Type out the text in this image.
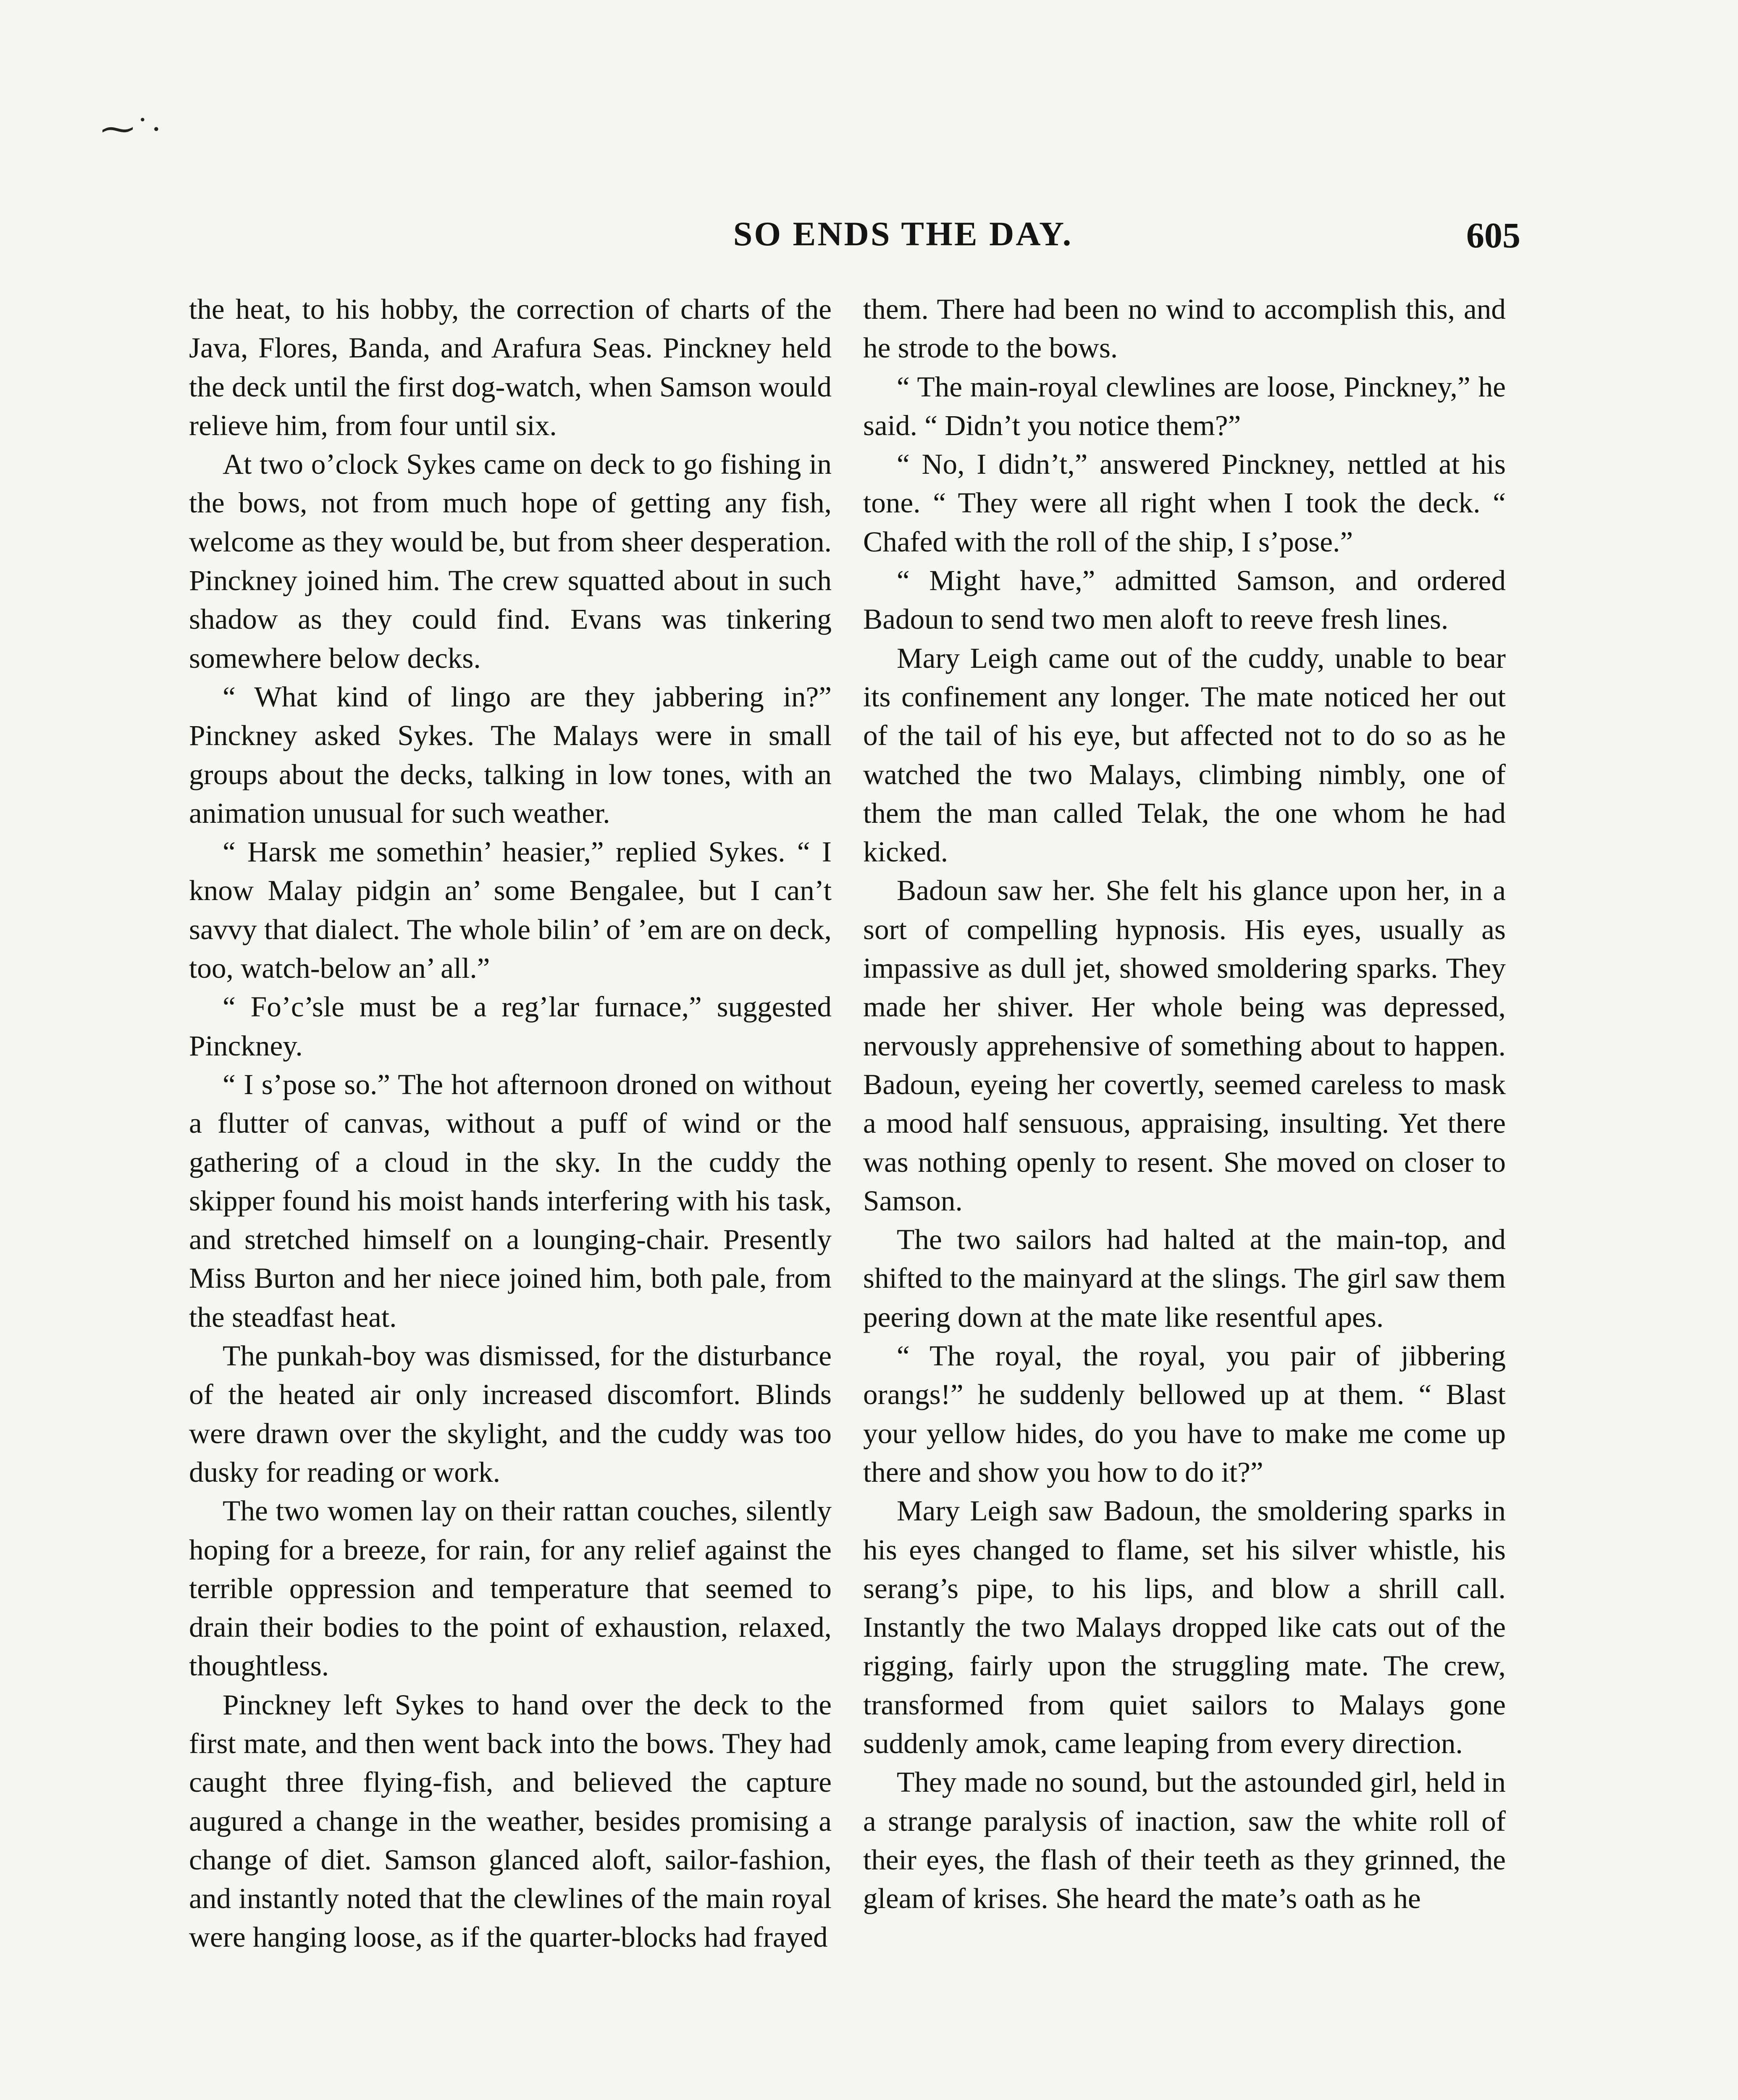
⁓˙·
SO ENDS THE DAY.	605

the heat, to his hobby, the correction of charts of the Java, Flores, Banda, and Arafura Seas. Pinckney held the deck until the first dog-watch, when Samson would relieve him, from four until six.

At two o’clock Sykes came on deck to go fishing in the bows, not from much hope of getting any fish, welcome as they would be, but from sheer desperation. Pinckney joined him. The crew squatted about in such shadow as they could find. Evans was tinkering somewhere below decks.

“ What kind of lingo are they jabbering in?” Pinckney asked Sykes. The Malays were in small groups about the decks, talking in low tones, with an animation unusual for such weather.

“ Harsk me somethin’ heasier,” replied Sykes. “ I know Malay pidgin an’ some Bengalee, but I can’t savvy that dialect. The whole bilin’ of ’em are on deck, too, watch-below an’ all.”

“ Fo’c’sle must be a reg’lar furnace,” suggested Pinckney.

“ I s’pose so.” The hot afternoon droned on without a flutter of canvas, without a puff of wind or the gathering of a cloud in the sky. In the cuddy the skipper found his moist hands interfering with his task, and stretched himself on a lounging-chair. Presently Miss Burton and her niece joined him, both pale, from the steadfast heat.

The punkah-boy was dismissed, for the disturbance of the heated air only increased discomfort. Blinds were drawn over the skylight, and the cuddy was too dusky for reading or work.

The two women lay on their rattan couches, silently hoping for a breeze, for rain, for any relief against the terrible oppression and temperature that seemed to drain their bodies to the point of exhaustion, relaxed, thoughtless.

Pinckney left Sykes to hand over the deck to the first mate, and then went back into the bows. They had caught three flying-fish, and believed the capture augured a change in the weather, besides promising a change of diet. Samson glanced aloft, sailor-fashion, and instantly noted that the clewlines of the main royal were hanging loose, as if the quarter-blocks had frayed

them. There had been no wind to accomplish this, and he strode to the bows.

“ The main-royal clewlines are loose, Pinckney,” he said. “ Didn’t you notice them?”

“ No, I didn’t,” answered Pinckney, nettled at his tone. “ They were all right when I took the deck. “ Chafed with the roll of the ship, I s’pose.”

“ Might have,” admitted Samson, and ordered Badoun to send two men aloft to reeve fresh lines.

Mary Leigh came out of the cuddy, unable to bear its confinement any longer. The mate noticed her out of the tail of his eye, but affected not to do so as he watched the two Malays, climbing nimbly, one of them the man called Telak, the one whom he had kicked.

Badoun saw her. She felt his glance upon her, in a sort of compelling hypnosis. His eyes, usually as impassive as dull jet, showed smoldering sparks. They made her shiver. Her whole being was depressed, nervously apprehensive of something about to happen. Badoun, eyeing her covertly, seemed careless to mask a mood half sensuous, appraising, insulting. Yet there was nothing openly to resent. She moved on closer to Samson.

The two sailors had halted at the main-top, and shifted to the mainyard at the slings. The girl saw them peering down at the mate like resentful apes.

“ The royal, the royal, you pair of jibbering orangs!” he suddenly bellowed up at them. “ Blast your yellow hides, do you have to make me come up there and show you how to do it?”

Mary Leigh saw Badoun, the smoldering sparks in his eyes changed to flame, set his silver whistle, his serang’s pipe, to his lips, and blow a shrill call. Instantly the two Malays dropped like cats out of the rigging, fairly upon the struggling mate. The crew, transformed from quiet sailors to Malays gone suddenly amok, came leaping from every direction.

They made no sound, but the astounded girl, held in a strange paralysis of inaction, saw the white roll of their eyes, the flash of their teeth as they grinned, the gleam of krises. She heard the mate’s oath as he
